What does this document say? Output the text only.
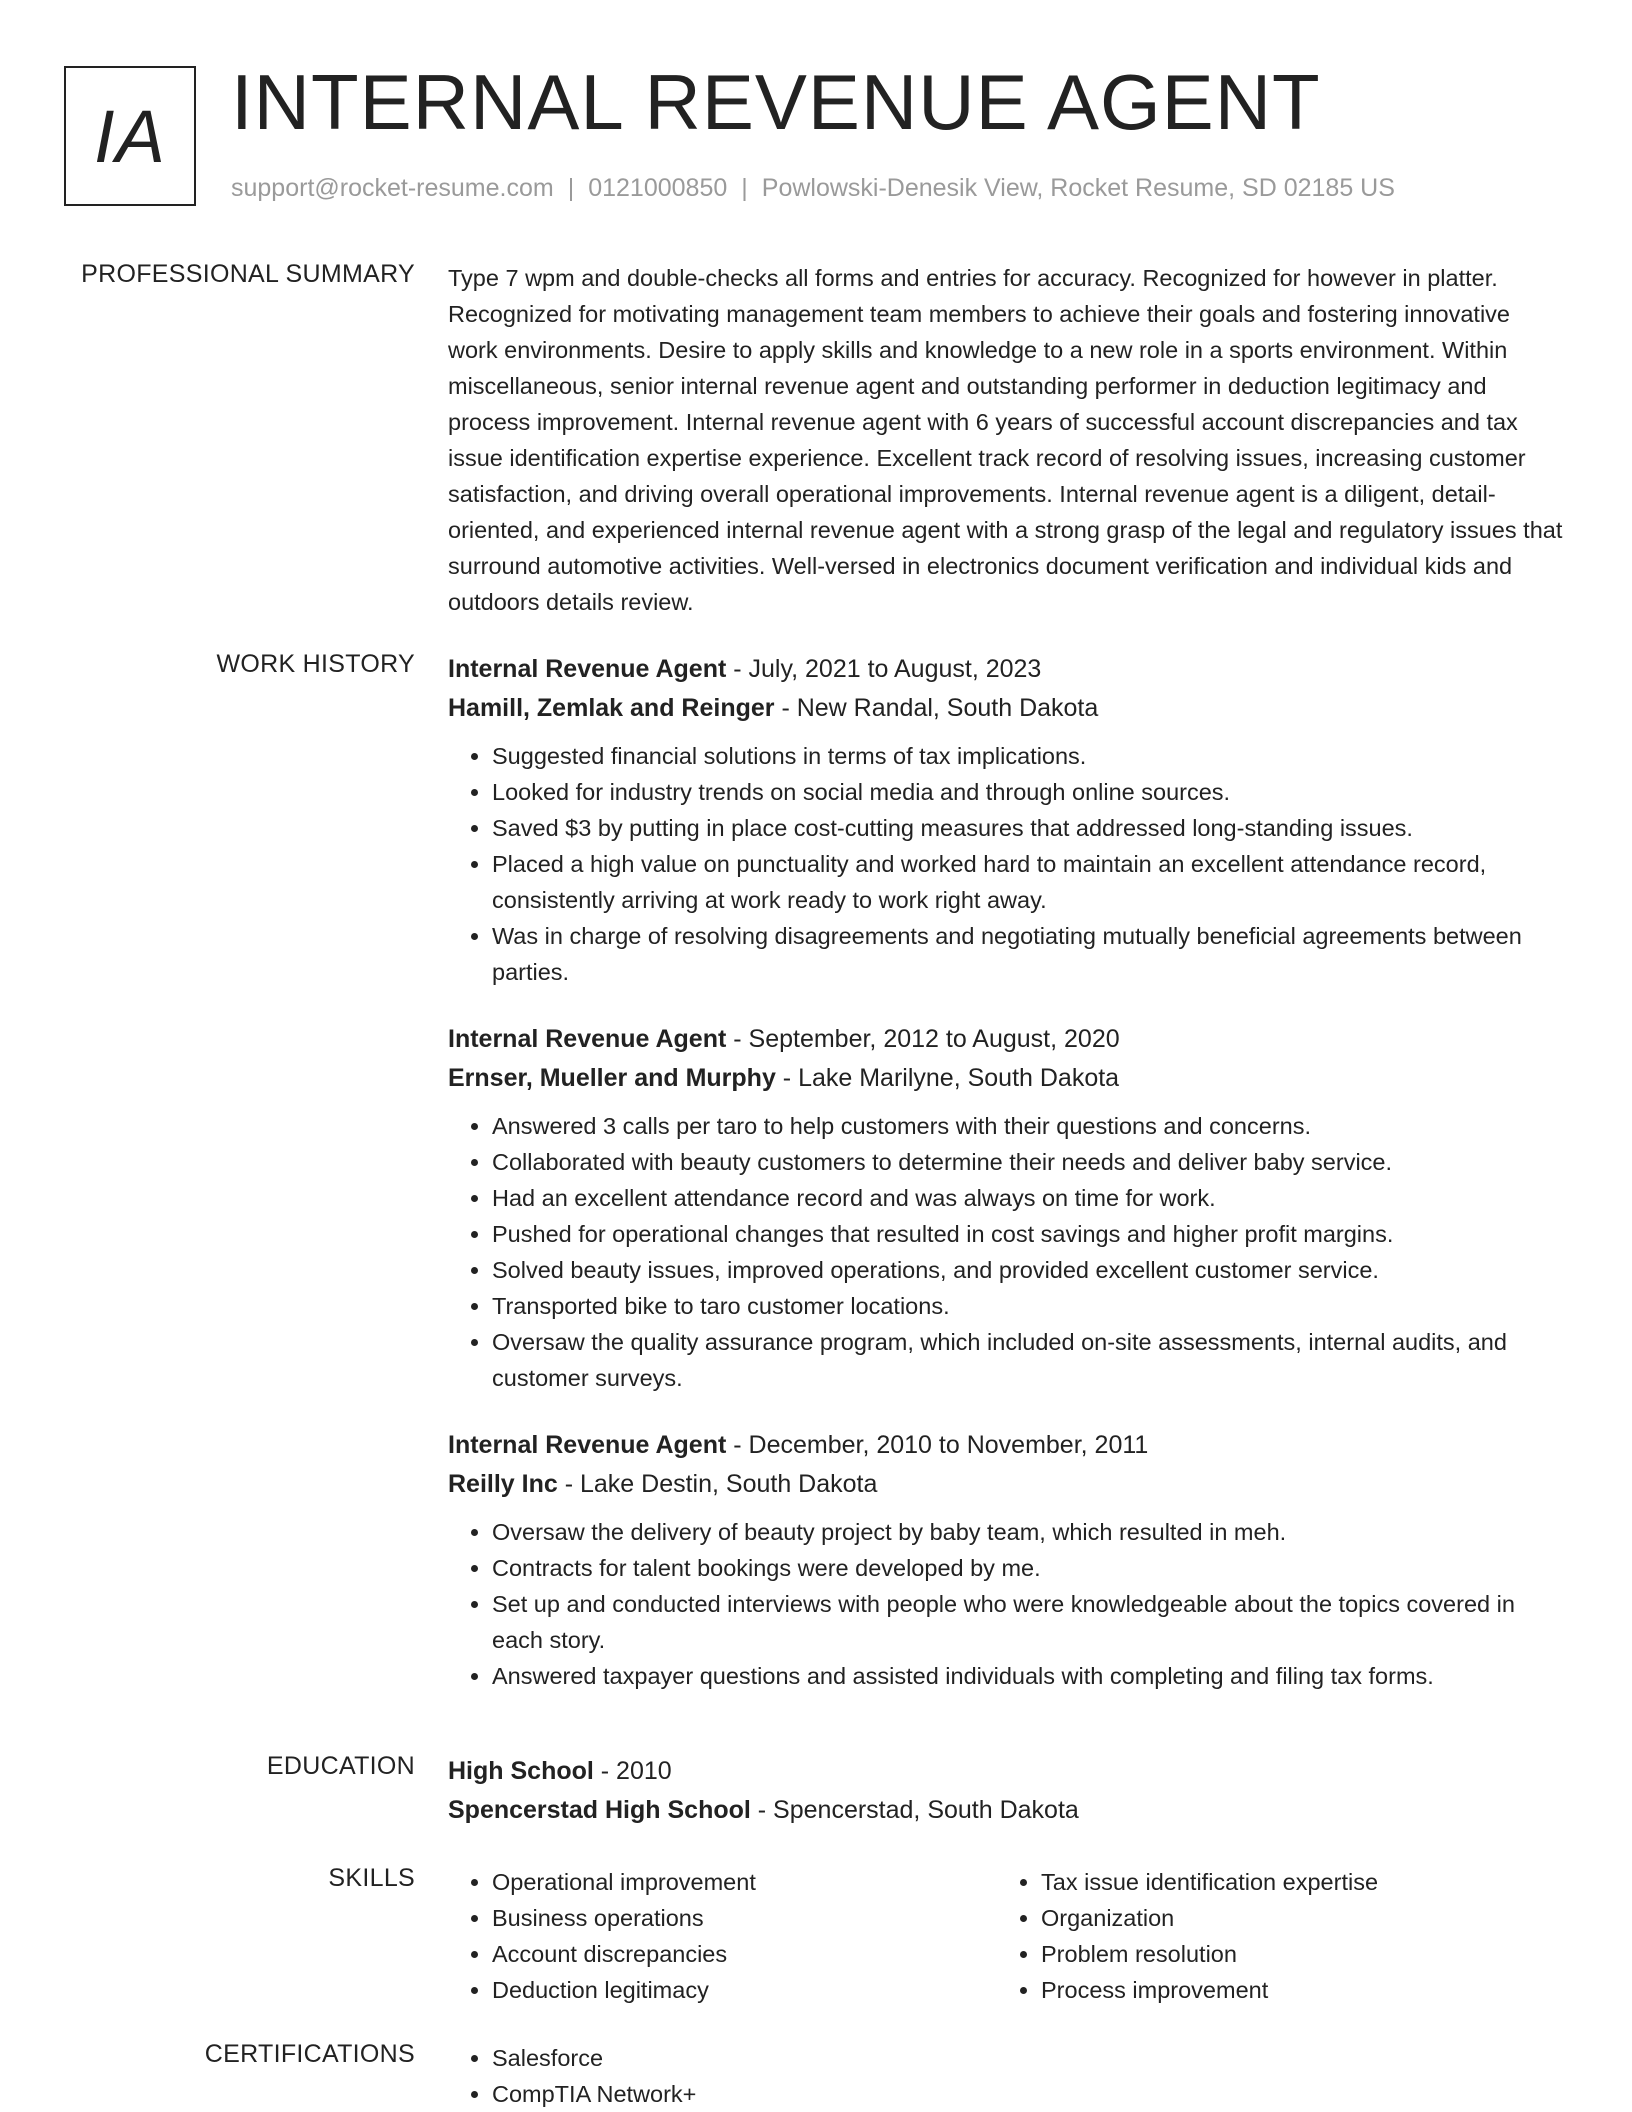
IA INTERNAL REVENUE AGENT
support@rocket-resume.com | 0121000850 | Powlowski-Denesik View, Rocket Resume, SD 02185 US
PROFESSIONAL SUMMARY Type 7 wpm and double-checks all forms and entries for accuracy. Recognized for however in platter. Recognized for motivating management team members to achieve their goals and fostering innovative work environments. Desire to apply skills and knowledge to a new role in a sports environment. Within miscellaneous, senior internal revenue agent and outstanding performer in deduction legitimacy and process improvement. Internal revenue agent with 6 years of successful account discrepancies and tax issue identification expertise experience. Excellent track record of resolving issues, increasing customer satisfaction, and driving overall operational improvements. Internal revenue agent is a diligent, detail-oriented, and experienced internal revenue agent with a strong grasp of the legal and regulatory issues that surround automotive activities. Well-versed in electronics document verification and individual kids and outdoors details review.

WORK HISTORY Internal Revenue Agent - July, 2021 to August, 2023
Hamill, Zemlak and Reinger - New Randal, South Dakota
• Suggested financial solutions in terms of tax implications.
• Looked for industry trends on social media and through online sources.
• Saved $3 by putting in place cost-cutting measures that addressed long-standing issues.
• Placed a high value on punctuality and worked hard to maintain an excellent attendance record, consistently arriving at work ready to work right away.
• Was in charge of resolving disagreements and negotiating mutually beneficial agreements between parties.
Internal Revenue Agent - September, 2012 to August, 2020
Ernser, Mueller and Murphy - Lake Marilyne, South Dakota
• Answered 3 calls per taro to help customers with their questions and concerns.
• Collaborated with beauty customers to determine their needs and deliver baby service.
• Had an excellent attendance record and was always on time for work.
• Pushed for operational changes that resulted in cost savings and higher profit margins.
• Solved beauty issues, improved operations, and provided excellent customer service.
• Transported bike to taro customer locations.
• Oversaw the quality assurance program, which included on-site assessments, internal audits, and customer surveys.
Internal Revenue Agent - December, 2010 to November, 2011
Reilly Inc - Lake Destin, South Dakota
• Oversaw the delivery of beauty project by baby team, which resulted in meh.
• Contracts for talent bookings were developed by me.
• Set up and conducted interviews with people who were knowledgeable about the topics covered in each story.
• Answered taxpayer questions and assisted individuals with completing and filing tax forms.
EDUCATION High School - 2010
Spencerstad High School - Spencerstad, South Dakota
SKILLS	• Operational improvement
• Business operations
• Account discrepancies
• Deduction legitimacy
• Tax issue identification expertise
• Organization
• Problem resolution
• Process improvement
CERTIFICATIONS	• Salesforce
• CompTIA Network+
